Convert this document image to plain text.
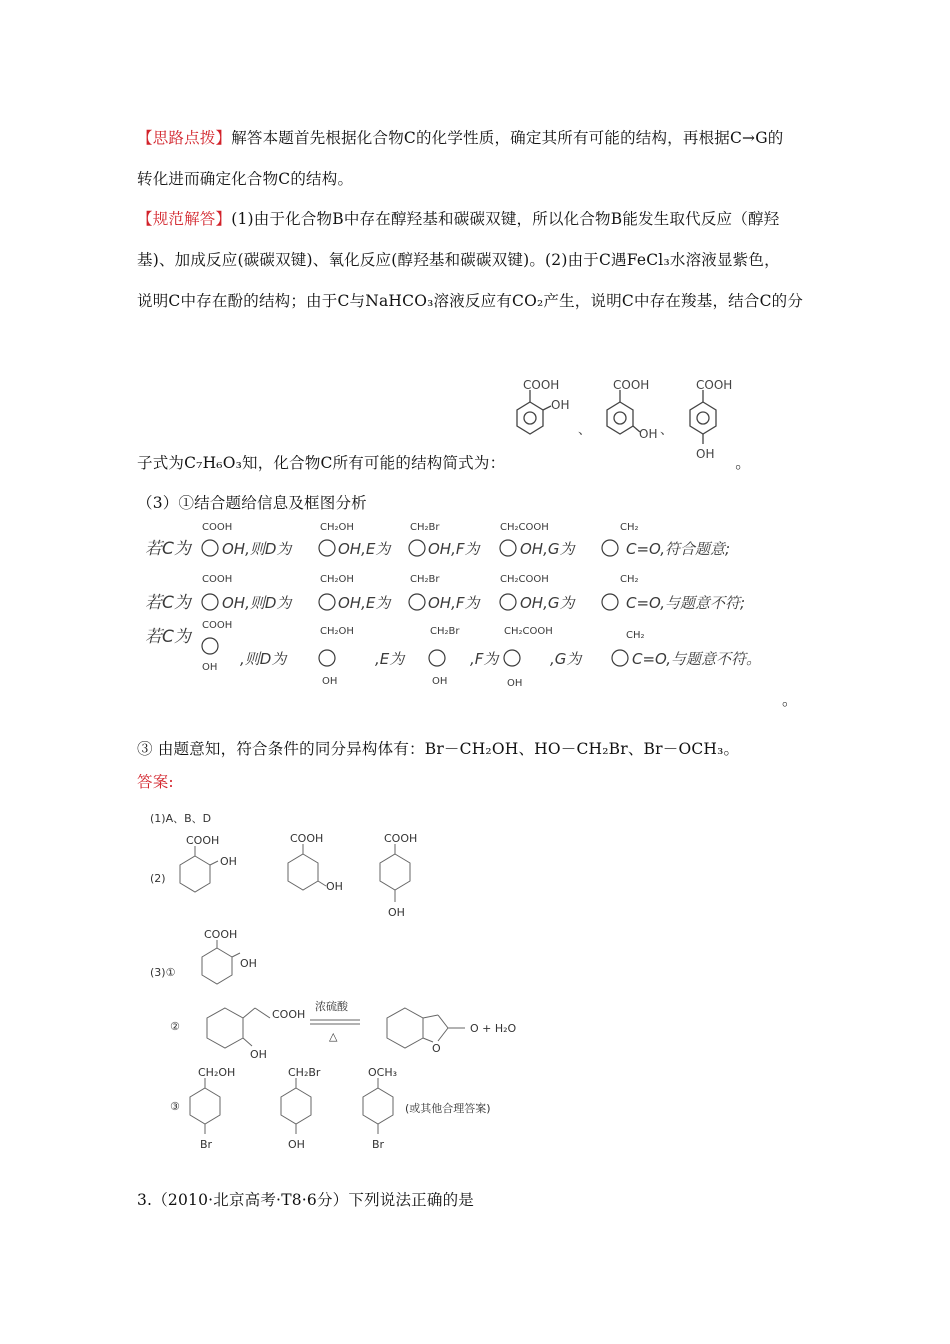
【思路点拨】解答本题首先根据化合物C的化学性质，确定其所有可能的结构，再根据C→G的
转化进而确定化合物C的结构。
【规范解答】(1)由于化合物B中存在醇羟基和碳碳双键，所以化合物B能发生取代反应（醇羟
基)、加成反应(碳碳双键)、氧化反应(醇羟基和碳碳双键)。(2)由于C遇FeCl₃水溶液显紫色，
说明C中存在酚的结构；由于C与NaHCO₃溶液反应有CO₂产生，说明C中存在羧基，结合C的分
COOH
OH
、
COOH
OH 、
COOH
OH
子式为C₇H₆O₃知，化合物C所有可能的结构简式为：	。
（3）①结合题给信息及框图分析
若C为
COOH
OH,则D为
CH₂OH
OH,E为
CH₂Br
OH,F为
CH₂COOH
OH,G为
CH₂
C=O,符合题意;
若C为
COOH
OH,则D为
CH₂OH
OH,E为
CH₂Br
OH,F为
CH₂COOH
OH,G为
CH₂
C=O,与题意不符;
若C为
COOH
OH ,则D为
CH₂OH
OH
,E为
CH₂Br
OH
,F为
CH₂COOH
OH
,G为
CH₂
C=O,与题意不符。
。
③ 由题意知，符合条件的同分异构体有：Br－CH₂OH、HO－CH₂Br、Br－OCH₃。
答案:
(1)A、B、D
(2)
COOH
OH
COOH
OH
COOH
OH
(3)①
COOH
OH
②
COOH
OH
浓硫酸
△
O
O + H₂O
③
CH₂OH
Br
CH₂Br
OH
OCH₃
Br
(或其他合理答案)
3.（2010·北京高考·T8·6分）下列说法正确的是
